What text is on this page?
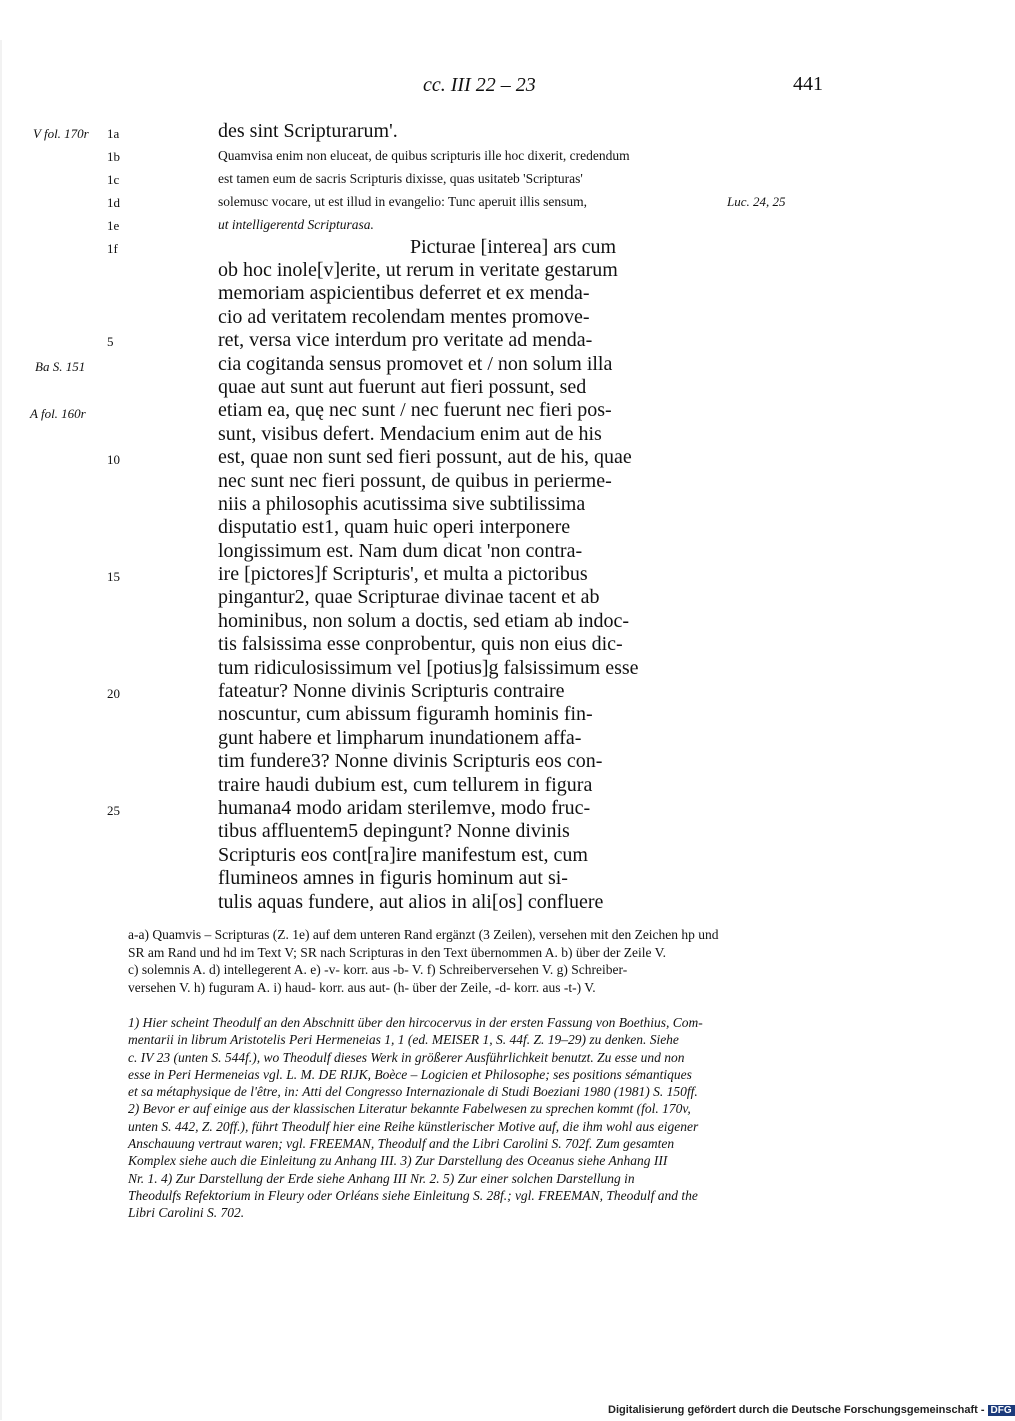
cc. III 22 – 23	441
V fol. 170r
Ba S. 151
A fol. 160r
Luc. 24, 25
1a
1b
1c
1d
1e
1f
5
10
15
20
25
des sint Scripturarum'.
Quamvisa enim non eluceat, de quibus scripturis ille hoc dixerit, credendum
est tamen eum de sacris Scripturis dixisse, quas usitateb 'Scripturas'
solemusc vocare, ut est illud in evangelio: Tunc aperuit illis sensum,
ut intelligerentd Scripturasa.
Picturae [interea] ars cum
ob hoc inole[v]erite, ut rerum in veritate gestarum
memoriam aspicientibus deferret et ex menda-
cio ad veritatem recolendam mentes promove-
ret, versa vice interdum pro veritate ad menda-
cia cogitanda sensus promovet et / non solum illa
quae aut sunt aut fuerunt aut fieri possunt, sed
etiam ea, quę nec sunt / nec fuerunt nec fieri pos-
sunt, visibus defert. Mendacium enim aut de his
est, quae non sunt sed fieri possunt, aut de his, quae
nec sunt nec fieri possunt, de quibus in perierme-
niis a philosophis acutissima sive subtilissima
disputatio est1, quam huic operi interponere
longissimum est. Nam dum dicat 'non contra-
ire [pictores]f Scripturis', et multa a pictoribus
pingantur2, quae Scripturae divinae tacent et ab
hominibus, non solum a doctis, sed etiam ab indoc-
tis falsissima esse conprobentur, quis non eius dic-
tum ridiculosissimum vel [potius]g falsissimum esse
fateatur? Nonne divinis Scripturis contraire
noscuntur, cum abissum figuramh hominis fin-
gunt habere et limpharum inundationem affa-
tim fundere3? Nonne divinis Scripturis eos con-
traire haudi dubium est, cum tellurem in figura
humana4 modo aridam sterilemve, modo fruc-
tibus affluentem5 depingunt? Nonne divinis
Scripturis eos cont[ra]ire manifestum est, cum
flumineos amnes in figuris hominum aut si-
tulis aquas fundere, aut alios in ali[os] confluere
a-a) Quamvis – Scripturas (Z. 1e) auf dem unteren Rand ergänzt (3 Zeilen), versehen mit den Zeichen hp und
SR am Rand und hd im Text V; SR nach Scripturas in den Text übernommen A. b) über der Zeile V.
c) solemnis A. d) intellegerent A. e) -v- korr. aus -b- V. f) Schreiberversehen V. g) Schreiber-
versehen V. h) fuguram A. i) haud- korr. aus aut- (h- über der Zeile, -d- korr. aus -t-) V.
1) Hier scheint Theodulf an den Abschnitt über den hircocervus in der ersten Fassung von Boethius, Com-
mentarii in librum Aristotelis Peri Hermeneias 1, 1 (ed. MEISER 1, S. 44f. Z. 19–29) zu denken. Siehe
c. IV 23 (unten S. 544f.), wo Theodulf dieses Werk in größerer Ausführlichkeit benutzt. Zu esse und non
esse in Peri Hermeneias vgl. L. M. DE RIJK, Boèce – Logicien et Philosophe; ses positions sémantiques
et sa métaphysique de l'être, in: Atti del Congresso Internazionale di Studi Boeziani 1980 (1981) S. 150ff.
2) Bevor er auf einige aus der klassischen Literatur bekannte Fabelwesen zu sprechen kommt (fol. 170v,
unten S. 442, Z. 20ff.), führt Theodulf hier eine Reihe künstlerischer Motive auf, die ihm wohl aus eigener
Anschauung vertraut waren; vgl. FREEMAN, Theodulf and the Libri Carolini S. 702f. Zum gesamten
Komplex siehe auch die Einleitung zu Anhang III. 3) Zur Darstellung des Oceanus siehe Anhang III
Nr. 1. 4) Zur Darstellung der Erde siehe Anhang III Nr. 2. 5) Zur einer solchen Darstellung in
Theodulfs Refektorium in Fleury oder Orléans siehe Einleitung S. 28f.; vgl. FREEMAN, Theodulf and the
Libri Carolini S. 702.
Digitalisierung gefördert durch die Deutsche Forschungsgemeinschaft - DFG
